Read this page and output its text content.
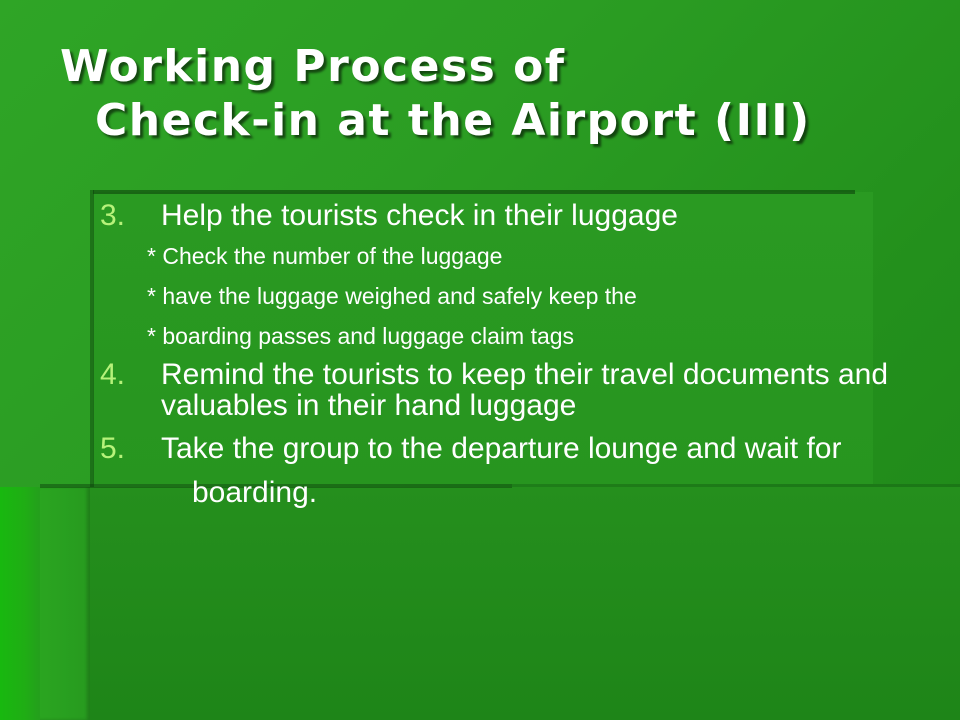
Working Process of
Check-in at the Airport (III)
3.	Help the tourists check in their luggage
* Check the number of the luggage
* have the luggage weighed and safely keep the
* boarding passes and luggage claim tags
4.	Remind the tourists to keep their travel documents and valuables in their hand luggage
5.	Take the group to the departure lounge and wait for
boarding.
